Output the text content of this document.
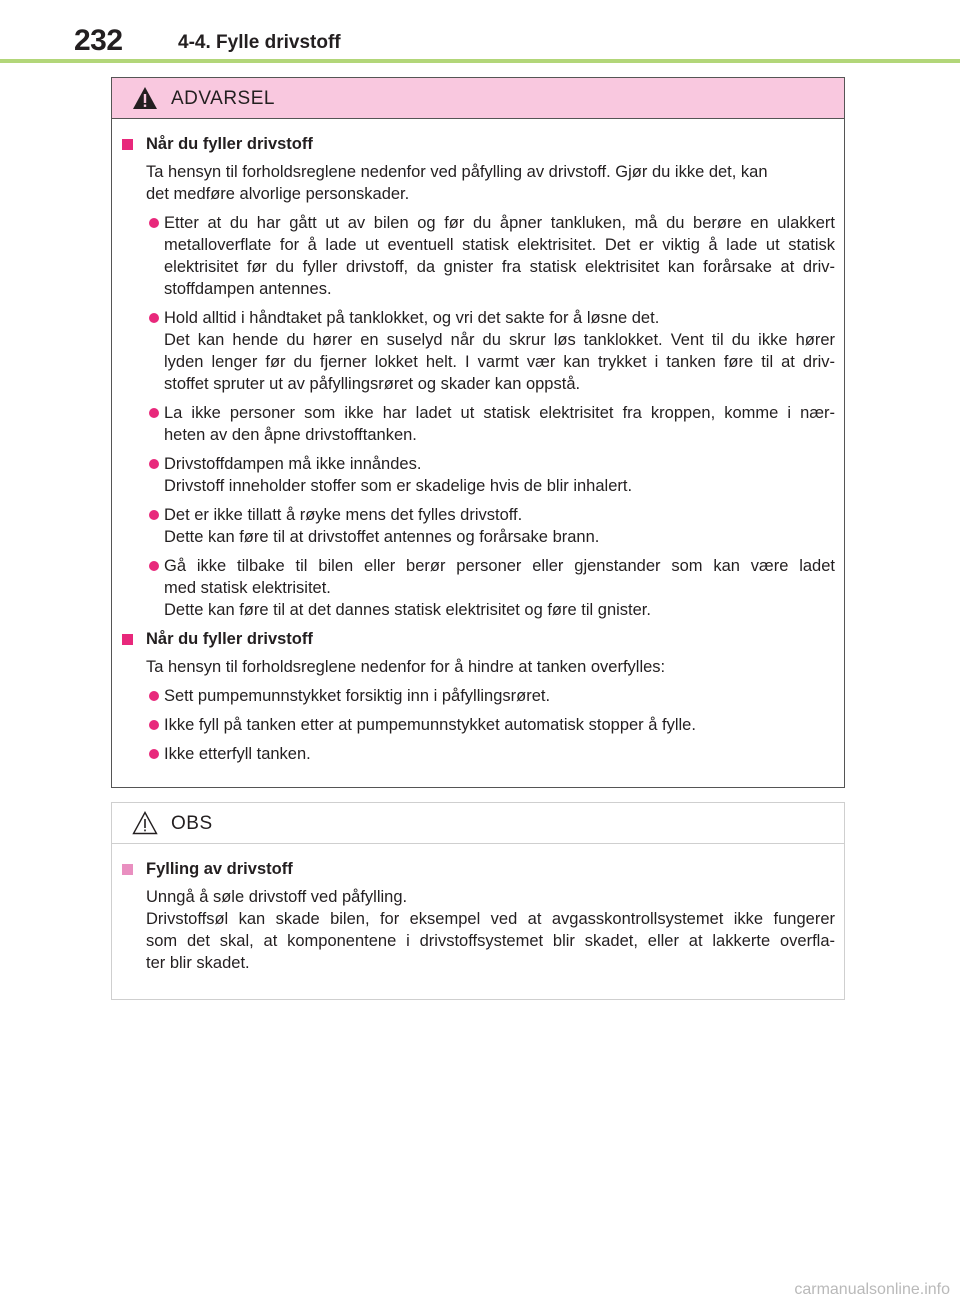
232	4-4. Fylle drivstoff
ADVARSEL
Når du fyller drivstoff
Ta hensyn til forholdsreglene nedenfor ved påfylling av drivstoff. Gjør du ikke det, kan
det medføre alvorlige personskader.
Etter at du har gått ut av bilen og før du åpner tankluken, må du berøre en ulakkert
metalloverflate for å lade ut eventuell statisk elektrisitet. Det er viktig å lade ut statisk
elektrisitet før du fyller drivstoff, da gnister fra statisk elektrisitet kan forårsake at driv-
stoffdampen antennes.
Hold alltid i håndtaket på tanklokket, og vri det sakte for å løsne det.
Det kan hende du hører en suselyd når du skrur løs tanklokket. Vent til du ikke hører
lyden lenger før du fjerner lokket helt. I varmt vær kan trykket i tanken føre til at driv-
stoffet spruter ut av påfyllingsrøret og skader kan oppstå.
La ikke personer som ikke har ladet ut statisk elektrisitet fra kroppen, komme i nær-
heten av den åpne drivstofftanken.
Drivstoffdampen må ikke innåndes.
Drivstoff inneholder stoffer som er skadelige hvis de blir inhalert.
Det er ikke tillatt å røyke mens det fylles drivstoff.
Dette kan føre til at drivstoffet antennes og forårsake brann.
Gå ikke tilbake til bilen eller berør personer eller gjenstander som kan være ladet
med statisk elektrisitet.
Dette kan føre til at det dannes statisk elektrisitet og føre til gnister.
Når du fyller drivstoff
Ta hensyn til forholdsreglene nedenfor for å hindre at tanken overfylles:
Sett pumpemunnstykket forsiktig inn i påfyllingsrøret.
Ikke fyll på tanken etter at pumpemunnstykket automatisk stopper å fylle.
Ikke etterfyll tanken.
OBS
Fylling av drivstoff
Unngå å søle drivstoff ved påfylling.
Drivstoffsøl kan skade bilen, for eksempel ved at avgasskontrollsystemet ikke fungerer
som det skal, at komponentene i drivstoffsystemet blir skadet, eller at lakkerte overfla-
ter blir skadet.
carmanualsonline.info
